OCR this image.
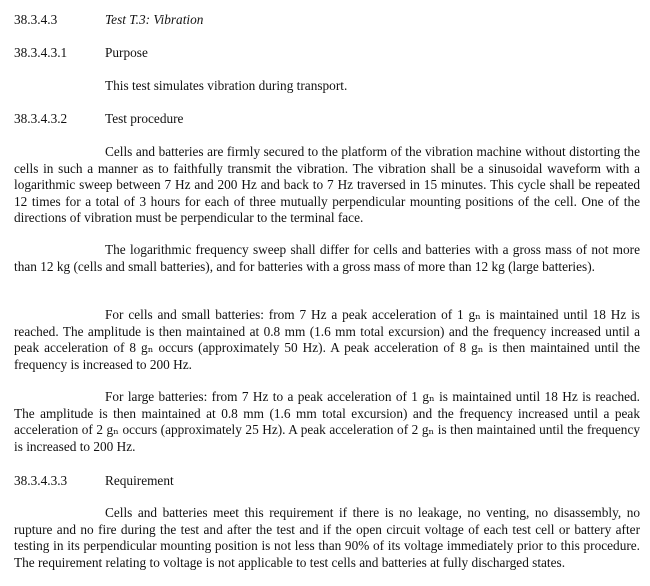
38.3.4.3	Test T.3: Vibration
38.3.4.3.1	Purpose
This test simulates vibration during transport.
38.3.4.3.2	Test procedure

Cells and batteries are firmly secured to the platform of the vibration machine without distorting the cells in such a manner as to faithfully transmit the vibration. The vibration shall be a sinusoidal waveform with a logarithmic sweep between 7 Hz and 200 Hz and back to 7 Hz traversed in 15 minutes. This cycle shall be repeated 12 times for a total of 3 hours for each of three mutually perpendicular mounting positions of the cell. One of the directions of vibration must be perpendicular to the terminal face.

The logarithmic frequency sweep shall differ for cells and batteries with a gross mass of not more than 12 kg (cells and small batteries), and for batteries with a gross mass of more than 12 kg (large batteries).

For cells and small batteries: from 7 Hz a peak acceleration of 1 gₙ is maintained until 18 Hz is reached. The amplitude is then maintained at 0.8 mm (1.6 mm total excursion) and the frequency increased until a peak acceleration of 8 gₙ occurs (approximately 50 Hz). A peak acceleration of 8 gₙ is then maintained until the frequency is increased to 200 Hz.

For large batteries: from 7 Hz to a peak acceleration of 1 gₙ is maintained until 18 Hz is reached. The amplitude is then maintained at 0.8 mm (1.6 mm total excursion) and the frequency increased until a peak acceleration of 2 gₙ occurs (approximately 25 Hz). A peak acceleration of 2 gₙ is then maintained until the frequency is increased to 200 Hz.

38.3.4.3.3	Requirement

Cells and batteries meet this requirement if there is no leakage, no venting, no disassembly, no rupture and no fire during the test and after the test and if the open circuit voltage of each test cell or battery after testing in its perpendicular mounting position is not less than 90% of its voltage immediately prior to this procedure. The requirement relating to voltage is not applicable to test cells and batteries at fully discharged states.
